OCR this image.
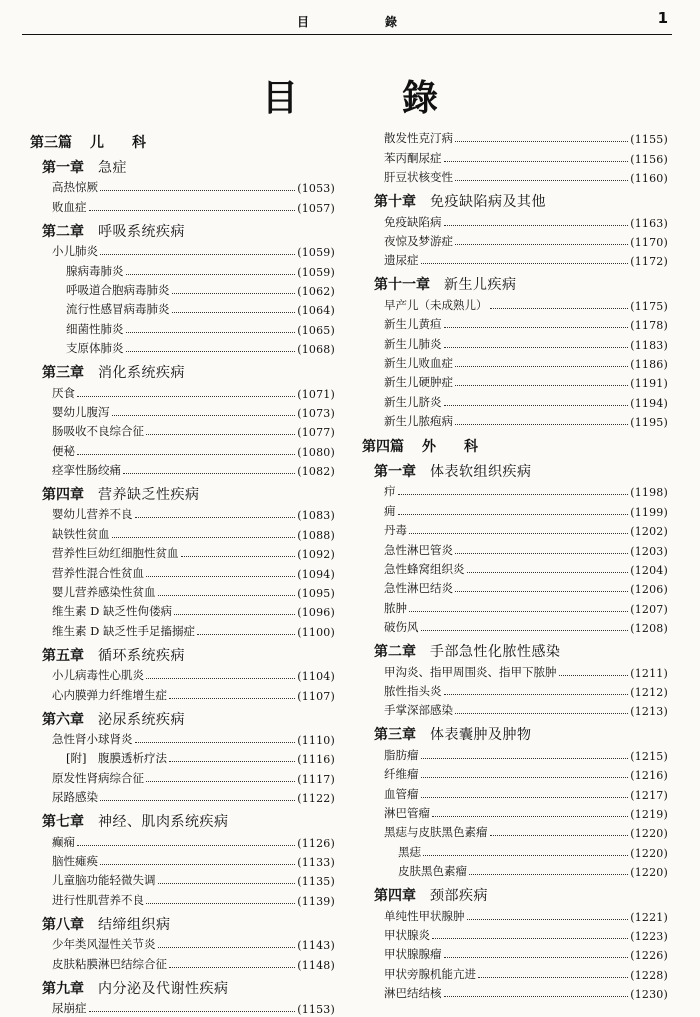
目　錄	1
目　錄
第三篇 儿科
第一章 急症
高热惊厥	(1053)
败血症	(1057)
第二章 呼吸系统疾病
小儿肺炎	(1059)
腺病毒肺炎	(1059)
呼吸道合胞病毒肺炎	(1062)
流行性感冒病毒肺炎	(1064)
细菌性肺炎	(1065)
支原体肺炎	(1068)
第三章 消化系统疾病
厌食	(1071)
婴幼儿腹泻	(1073)
肠吸收不良综合征	(1077)
便秘	(1080)
痉挛性肠绞痛	(1082)
第四章 营养缺乏性疾病
婴幼儿营养不良	(1083)
缺铁性贫血	(1088)
营养性巨幼红细胞性贫血	(1092)
营养性混合性贫血	(1094)
婴儿营养感染性贫血	(1095)
维生素 D 缺乏性佝偻病	(1096)
维生素 D 缺乏性手足搐搦症	(1100)
第五章 循环系统疾病
小儿病毒性心肌炎	(1104)
心内膜弹力纤维增生症	(1107)
第六章 泌尿系统疾病
急性肾小球肾炎	(1110)
[附]　腹膜透析疗法	(1116)
原发性肾病综合征	(1117)
尿路感染	(1122)
第七章 神经、肌肉系统疾病
癫痫	(1126)
脑性瘫痪	(1133)
儿童脑功能轻微失调	(1135)
进行性肌营养不良	(1139)
第八章 结缔组织病
少年类风湿性关节炎	(1143)
皮肤粘膜淋巴结综合征	(1148)
第九章 内分泌及代谢性疾病
尿崩症	(1153)
散发性克汀病	(1155)
苯丙酮尿症	(1156)
肝豆状核变性	(1160)
第十章 免疫缺陷病及其他
免疫缺陷病	(1163)
夜惊及梦游症	(1170)
遗尿症	(1172)
第十一章 新生儿疾病
早产儿（未成熟儿）	(1175)
新生儿黄疸	(1178)
新生儿肺炎	(1183)
新生儿败血症	(1186)
新生儿硬肿症	(1191)
新生儿脐炎	(1194)
新生儿脓疱病	(1195)
第四篇 外科
第一章 体表软组织疾病
疖	(1198)
痈	(1199)
丹毒	(1202)
急性淋巴管炎	(1203)
急性蜂窝组织炎	(1204)
急性淋巴结炎	(1206)
脓肿	(1207)
破伤风	(1208)
第二章 手部急性化脓性感染
甲沟炎、指甲周围炎、指甲下脓肿	(1211)
脓性指头炎	(1212)
手掌深部感染	(1213)
第三章 体表囊肿及肿物
脂肪瘤	(1215)
纤维瘤	(1216)
血管瘤	(1217)
淋巴管瘤	(1219)
黑痣与皮肤黑色素瘤	(1220)
黑痣	(1220)
皮肤黑色素瘤	(1220)
第四章 颈部疾病
单纯性甲状腺肿	(1221)
甲状腺炎	(1223)
甲状腺腺瘤	(1226)
甲状旁腺机能亢进	(1228)
淋巴结结核	(1230)
